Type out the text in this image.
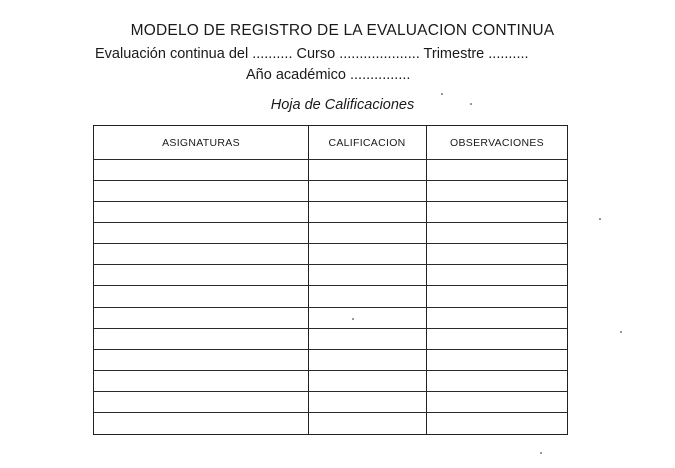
MODELO DE REGISTRO DE LA EVALUACION CONTINUA
Evaluación continua del .......... Curso .................... Trimestre ..........
Año académico ...............
Hoja de Calificaciones
ASIGNATURAS	CALIFICACION	OBSERVACIONES
